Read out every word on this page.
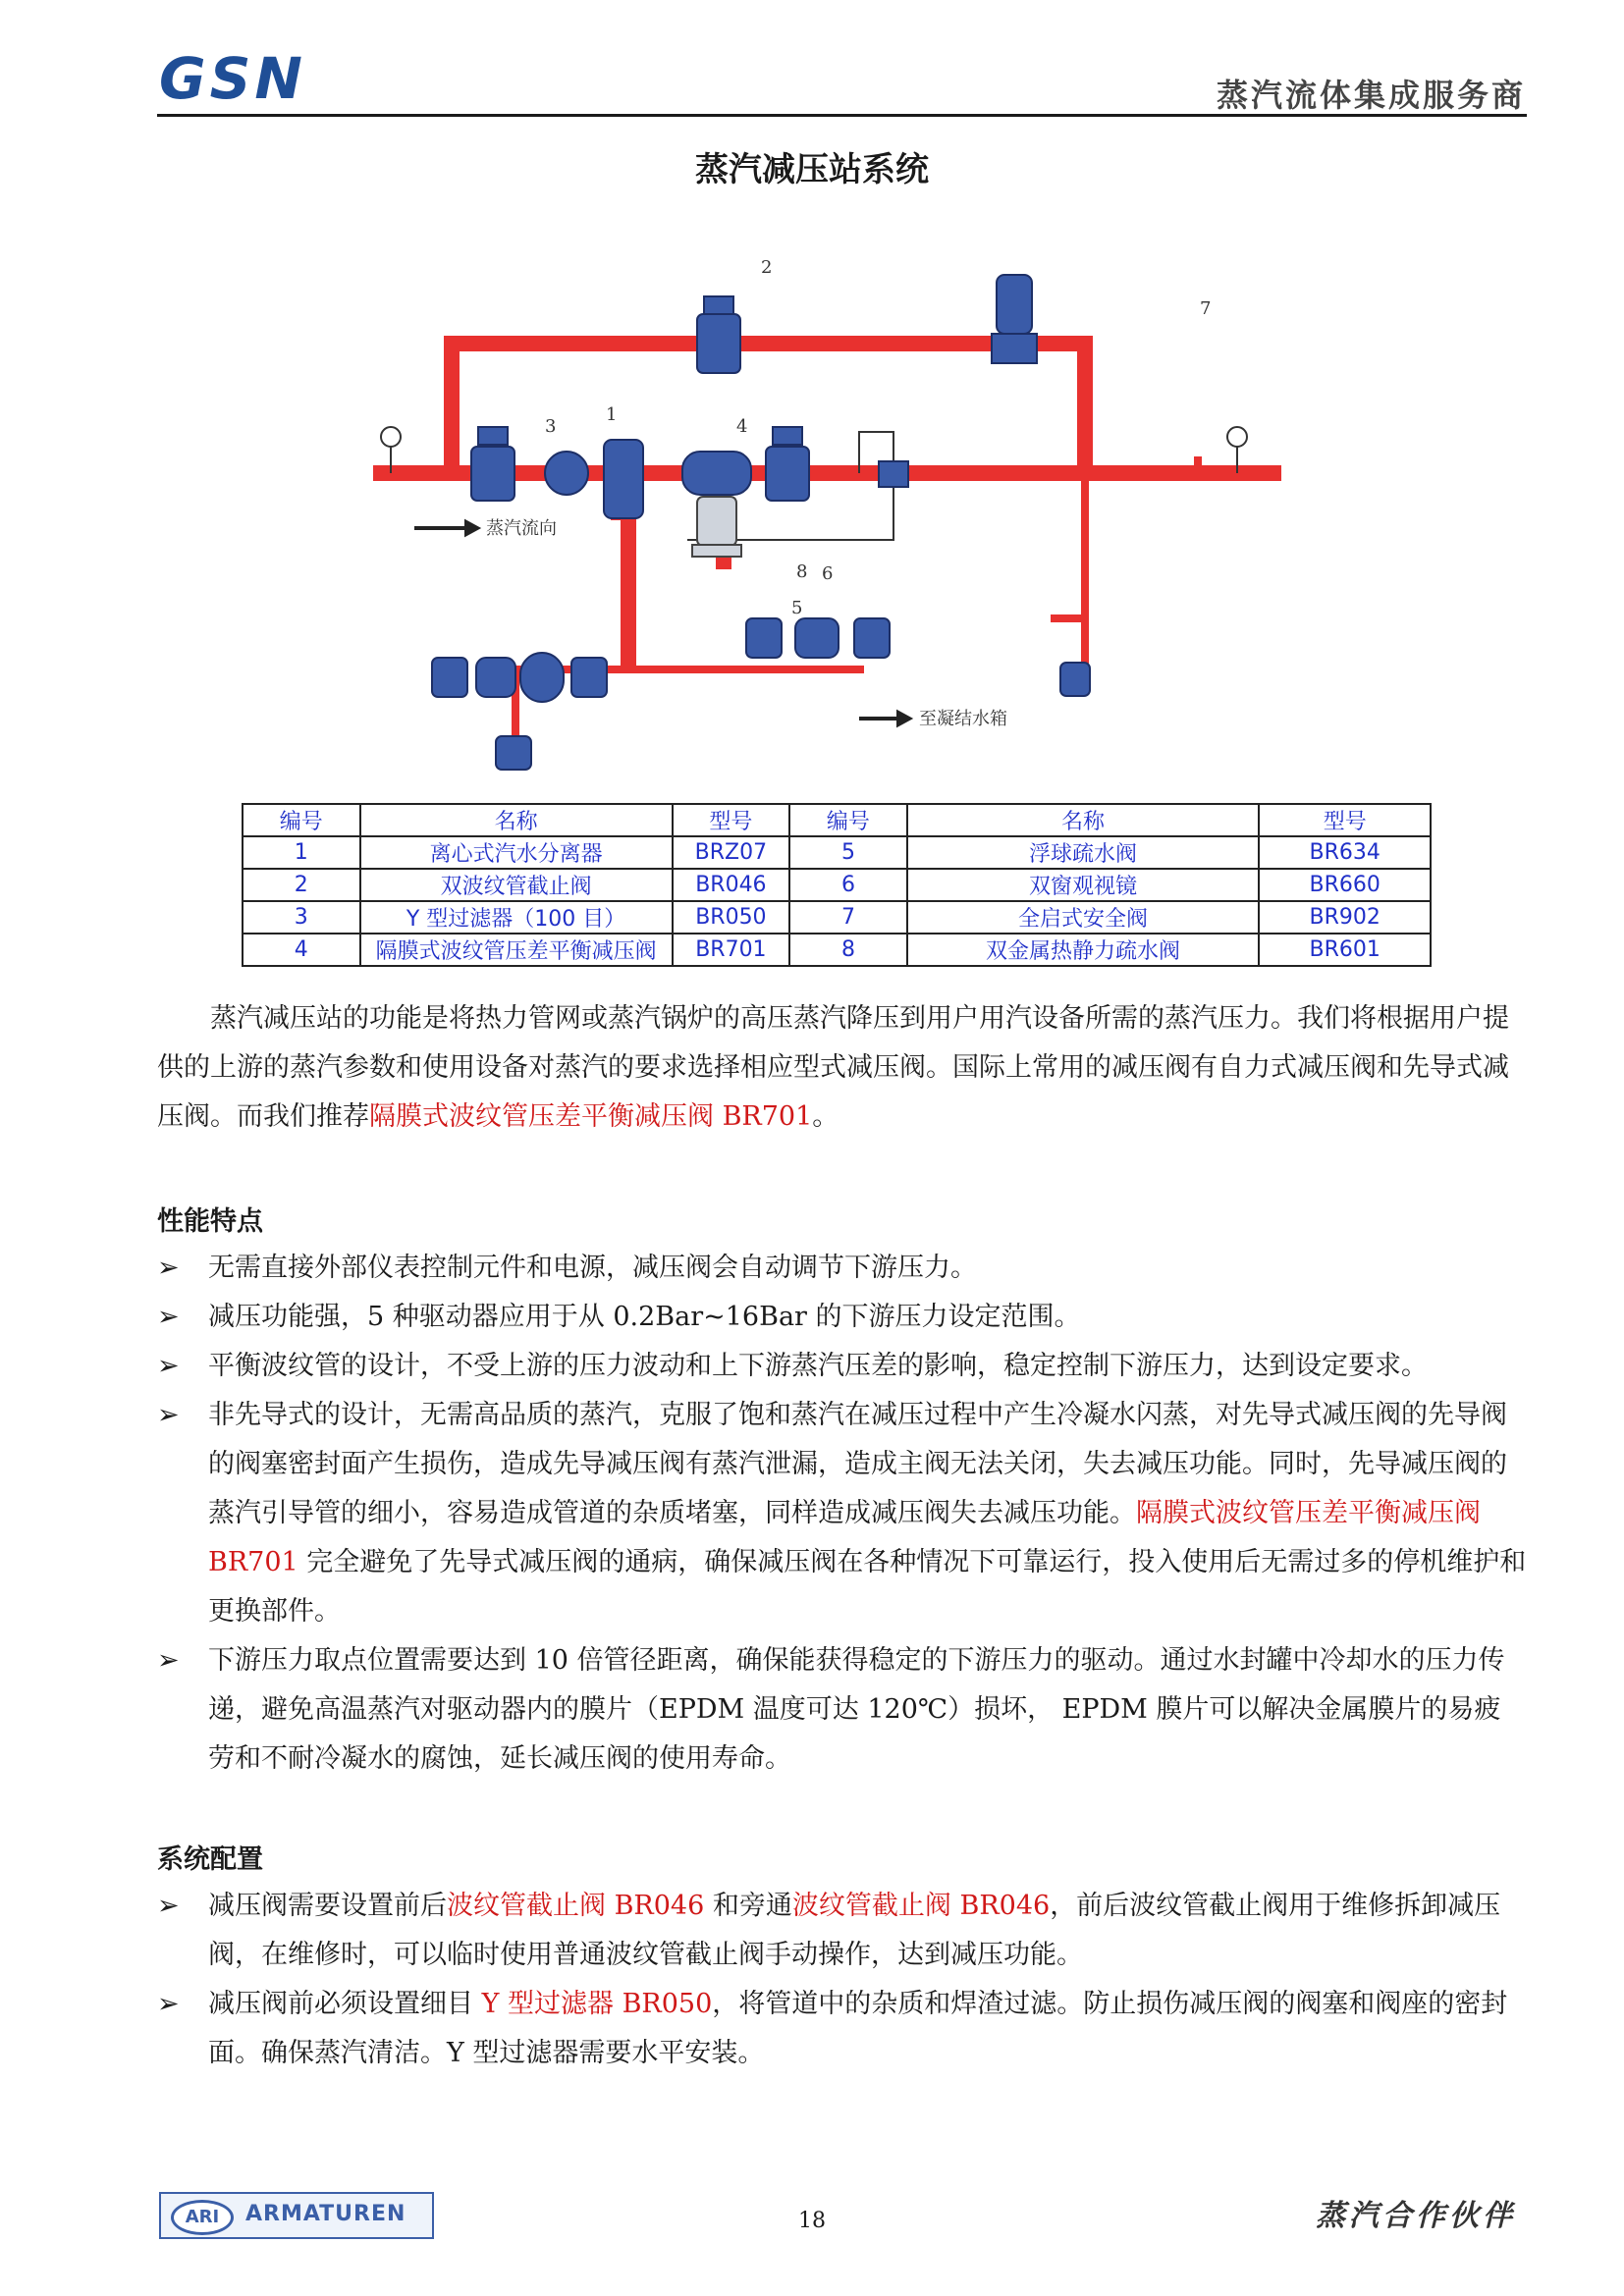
GSN	蒸汽流体集成服务商
蒸汽减压站系统
蒸汽流向
至凝结水箱
1
2
3	4
5
6
7
8
编号	名称	型号	编号	名称	型号
1	离心式汽水分离器	BRZ07	5	浮球疏水阀	BR634
2	双波纹管截止阀	BR046	6	双窗观视镜	BR660
3	Y 型过滤器（100 目）	BR050	7	全启式安全阀	BR902
4	隔膜式波纹管压差平衡减压阀	BR701	8	双金属热静力疏水阀	BR601
蒸汽减压站的功能是将热力管网或蒸汽锅炉的高压蒸汽降压到用户用汽设备所需的蒸汽压力。我们将根据用户提供的上游的蒸汽参数和使用设备对蒸汽的要求选择相应型式减压阀。国际上常用的减压阀有自力式减压阀和先导式减压阀。而我们推荐隔膜式波纹管压差平衡减压阀 BR701。
性能特点
➢ 无需直接外部仪表控制元件和电源，减压阀会自动调节下游压力。
➢ 减压功能强，5 种驱动器应用于从 0.2Bar~16Bar 的下游压力设定范围。
➢ 平衡波纹管的设计，不受上游的压力波动和上下游蒸汽压差的影响，稳定控制下游压力，达到设定要求。
➢ 非先导式的设计，无需高品质的蒸汽，克服了饱和蒸汽在减压过程中产生冷凝水闪蒸，对先导式减压阀的先导阀的阀塞密封面产生损伤，造成先导减压阀有蒸汽泄漏，造成主阀无法关闭，失去减压功能。同时，先导减压阀的蒸汽引导管的细小，容易造成管道的杂质堵塞，同样造成减压阀失去减压功能。隔膜式波纹管压差平衡减压阀 BR701 完全避免了先导式减压阀的通病，确保减压阀在各种情况下可靠运行，投入使用后无需过多的停机维护和更换部件。
➢ 下游压力取点位置需要达到 10 倍管径距离，确保能获得稳定的下游压力的驱动。通过水封罐中冷却水的压力传递，避免高温蒸汽对驱动器内的膜片（EPDM 温度可达 120℃）损坏， EPDM 膜片可以解决金属膜片的易疲劳和不耐冷凝水的腐蚀，延长减压阀的使用寿命。
系统配置
➢ 减压阀需要设置前后波纹管截止阀 BR046 和旁通波纹管截止阀 BR046，前后波纹管截止阀用于维修拆卸减压阀，在维修时，可以临时使用普通波纹管截止阀手动操作，达到减压功能。
➢ 减压阀前必须设置细目 Y 型过滤器 BR050，将管道中的杂质和焊渣过滤。防止损伤减压阀的阀塞和阀座的密封面。确保蒸汽清洁。Y 型过滤器需要水平安装。
ARI	ARMATUREN	18	蒸汽合作伙伴
